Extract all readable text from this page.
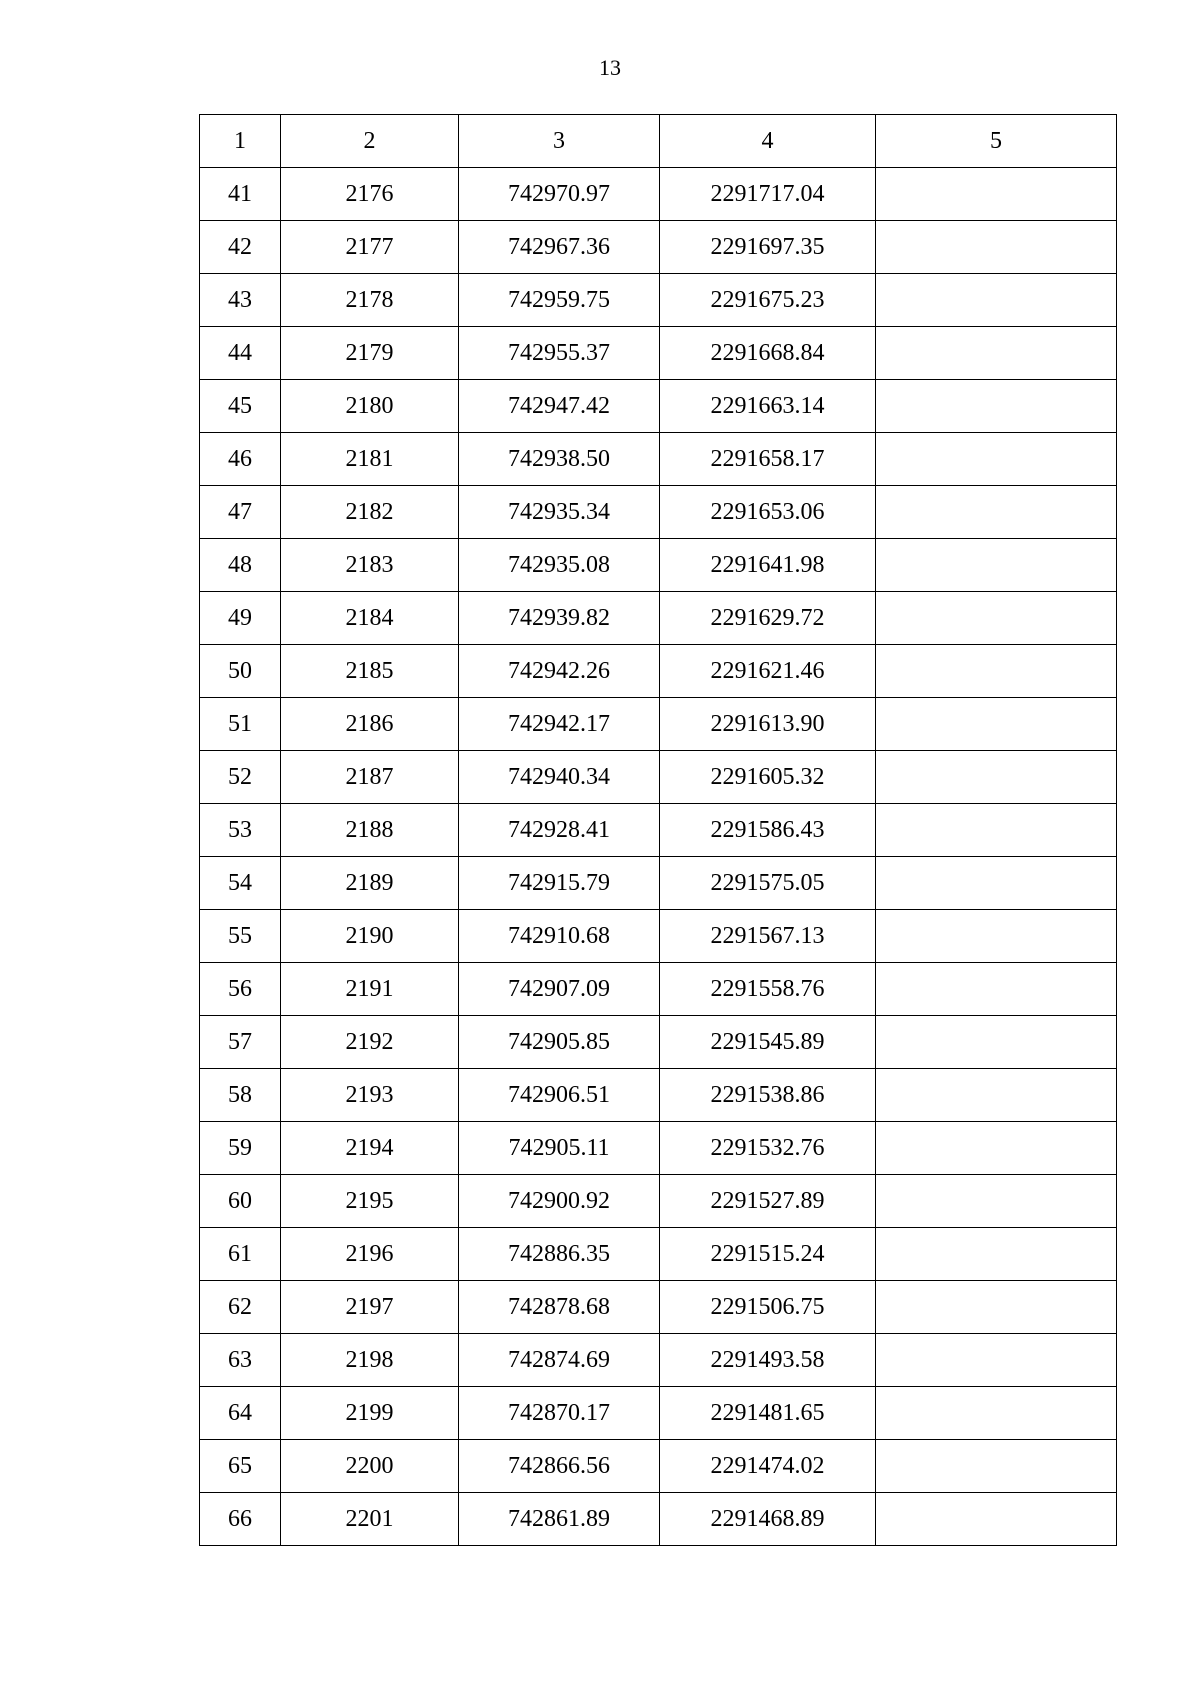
13
1	2	3	4	5
41	2176	742970.97	2291717.04	
42	2177	742967.36	2291697.35	
43	2178	742959.75	2291675.23	
44	2179	742955.37	2291668.84	
45	2180	742947.42	2291663.14	
46	2181	742938.50	2291658.17	
47	2182	742935.34	2291653.06	
48	2183	742935.08	2291641.98	
49	2184	742939.82	2291629.72	
50	2185	742942.26	2291621.46	
51	2186	742942.17	2291613.90	
52	2187	742940.34	2291605.32	
53	2188	742928.41	2291586.43	
54	2189	742915.79	2291575.05	
55	2190	742910.68	2291567.13	
56	2191	742907.09	2291558.76	
57	2192	742905.85	2291545.89	
58	2193	742906.51	2291538.86	
59	2194	742905.11	2291532.76	
60	2195	742900.92	2291527.89	
61	2196	742886.35	2291515.24	
62	2197	742878.68	2291506.75	
63	2198	742874.69	2291493.58	
64	2199	742870.17	2291481.65	
65	2200	742866.56	2291474.02	
66	2201	742861.89	2291468.89	
